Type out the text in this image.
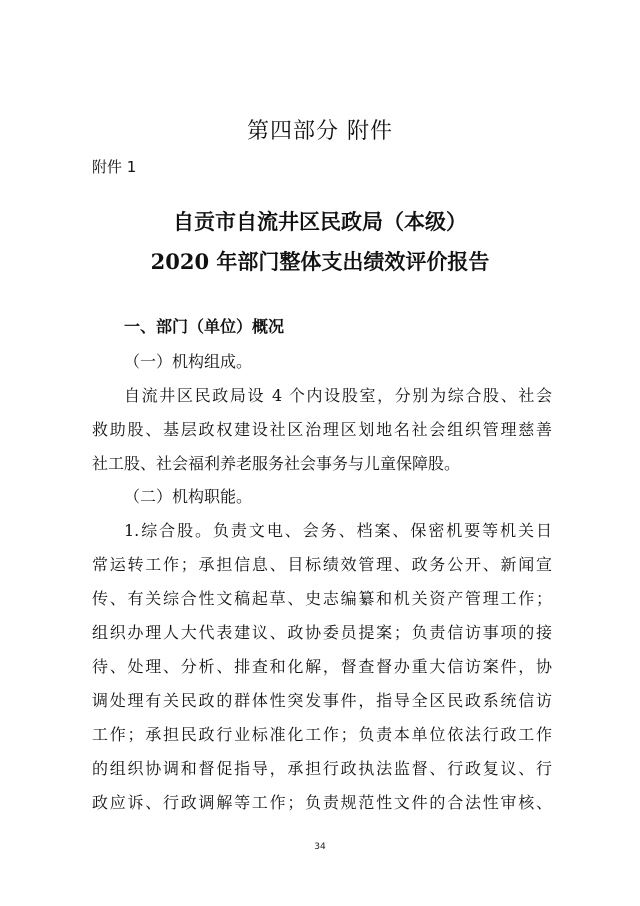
第四部分 附件
附件 1
自贡市自流井区民政局（本级）
2020 年部门整体支出绩效评价报告
一、部门（单位）概况
（一）机构组成。
自流井区民政局设 4 个内设股室，分别为综合股、社会
救助股、基层政权建设社区治理区划地名社会组织管理慈善
社工股、社会福利养老服务社会事务与儿童保障股。
（二）机构职能。
1.综合股。负责文电、会务、档案、保密机要等机关日
常运转工作；承担信息、目标绩效管理、政务公开、新闻宣
传、有关综合性文稿起草、史志编纂和机关资产管理工作；
组织办理人大代表建议、政协委员提案；负责信访事项的接
待、处理、分析、排查和化解，督查督办重大信访案件，协
调处理有关民政的群体性突发事件，指导全区民政系统信访
工作；承担民政行业标准化工作；负责本单位依法行政工作
的组织协调和督促指导，承担行政执法监督、行政复议、行
政应诉、行政调解等工作；负责规范性文件的合法性审核、
34
